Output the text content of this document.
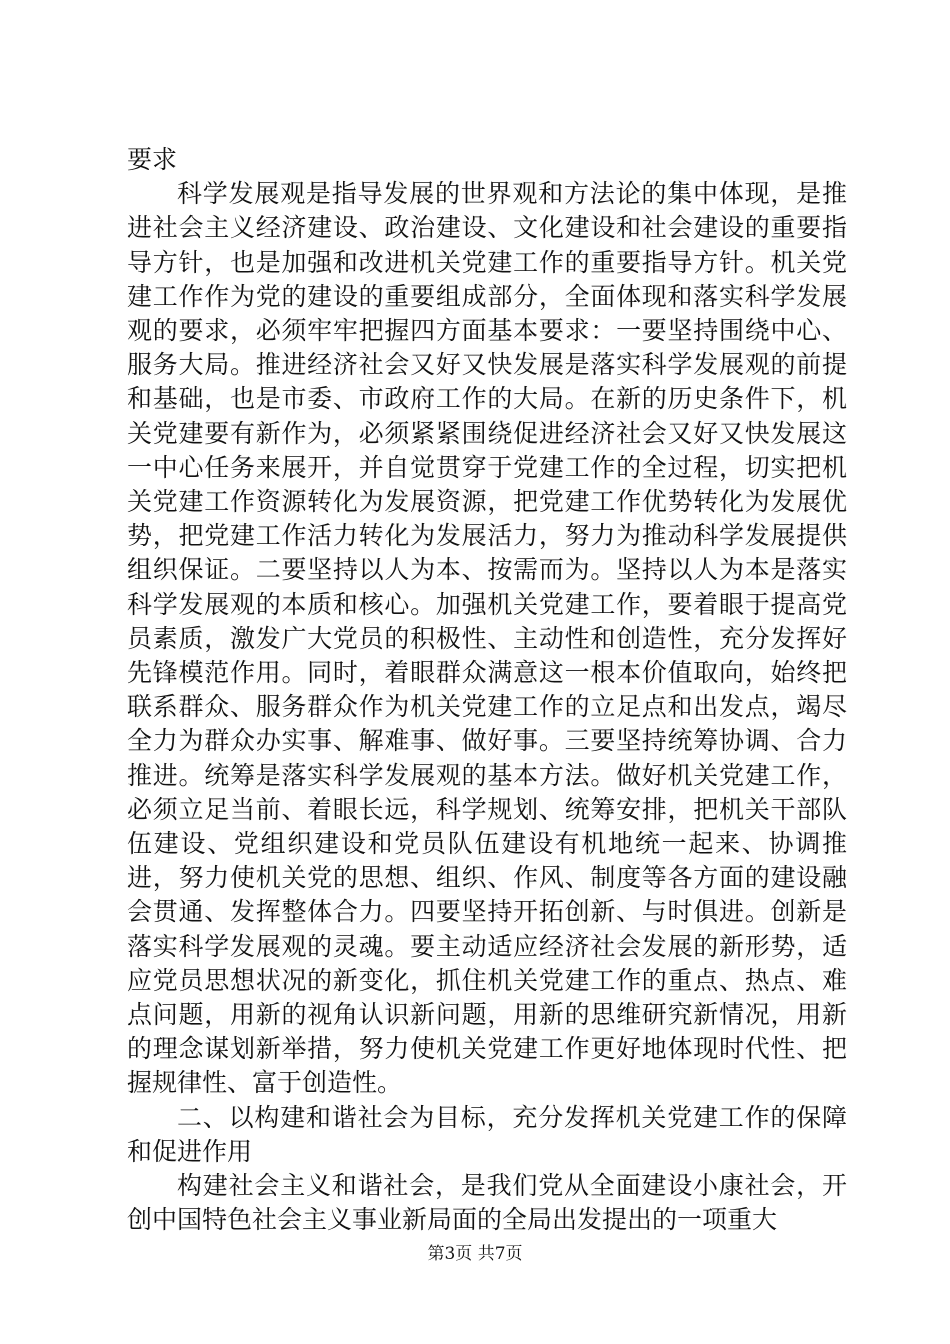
要求

科学发展观是指导发展的世界观和方法论的集中体现，是推进社会主义经济建设、政治建设、文化建设和社会建设的重要指导方针，也是加强和改进机关党建工作的重要指导方针。机关党建工作作为党的建设的重要组成部分，全面体现和落实科学发展观的要求，必须牢牢把握四方面基本要求：一要坚持围绕中心、服务大局。推进经济社会又好又快发展是落实科学发展观的前提和基础，也是市委、市政府工作的大局。在新的历史条件下，机关党建要有新作为，必须紧紧围绕促进经济社会又好又快发展这一中心任务来展开，并自觉贯穿于党建工作的全过程，切实把机关党建工作资源转化为发展资源，把党建工作优势转化为发展优势，把党建工作活力转化为发展活力，努力为推动科学发展提供组织保证。二要坚持以人为本、按需而为。坚持以人为本是落实科学发展观的本质和核心。加强机关党建工作，要着眼于提高党员素质，激发广大党员的积极性、主动性和创造性，充分发挥好先锋模范作用。同时，着眼群众满意这一根本价值取向，始终把联系群众、服务群众作为机关党建工作的立足点和出发点，竭尽全力为群众办实事、解难事、做好事。三要坚持统筹协调、合力推进。统筹是落实科学发展观的基本方法。做好机关党建工作，必须立足当前、着眼长远，科学规划、统筹安排，把机关干部队伍建设、党组织建设和党员队伍建设有机地统一起来、协调推进，努力使机关党的思想、组织、作风、制度等各方面的建设融会贯通、发挥整体合力。四要坚持开拓创新、与时俱进。创新是落实科学发展观的灵魂。要主动适应经济社会发展的新形势，适应党员思想状况的新变化，抓住机关党建工作的重点、热点、难点问题，用新的视角认识新问题，用新的思维研究新情况，用新的理念谋划新举措，努力使机关党建工作更好地体现时代性、把握规律性、富于创造性。

二、以构建和谐社会为目标，充分发挥机关党建工作的保障和促进作用

构建社会主义和谐社会，是我们党从全面建设小康社会，开创中国特色社会主义事业新局面的全局出发提出的一项重大

第3页 共7页
